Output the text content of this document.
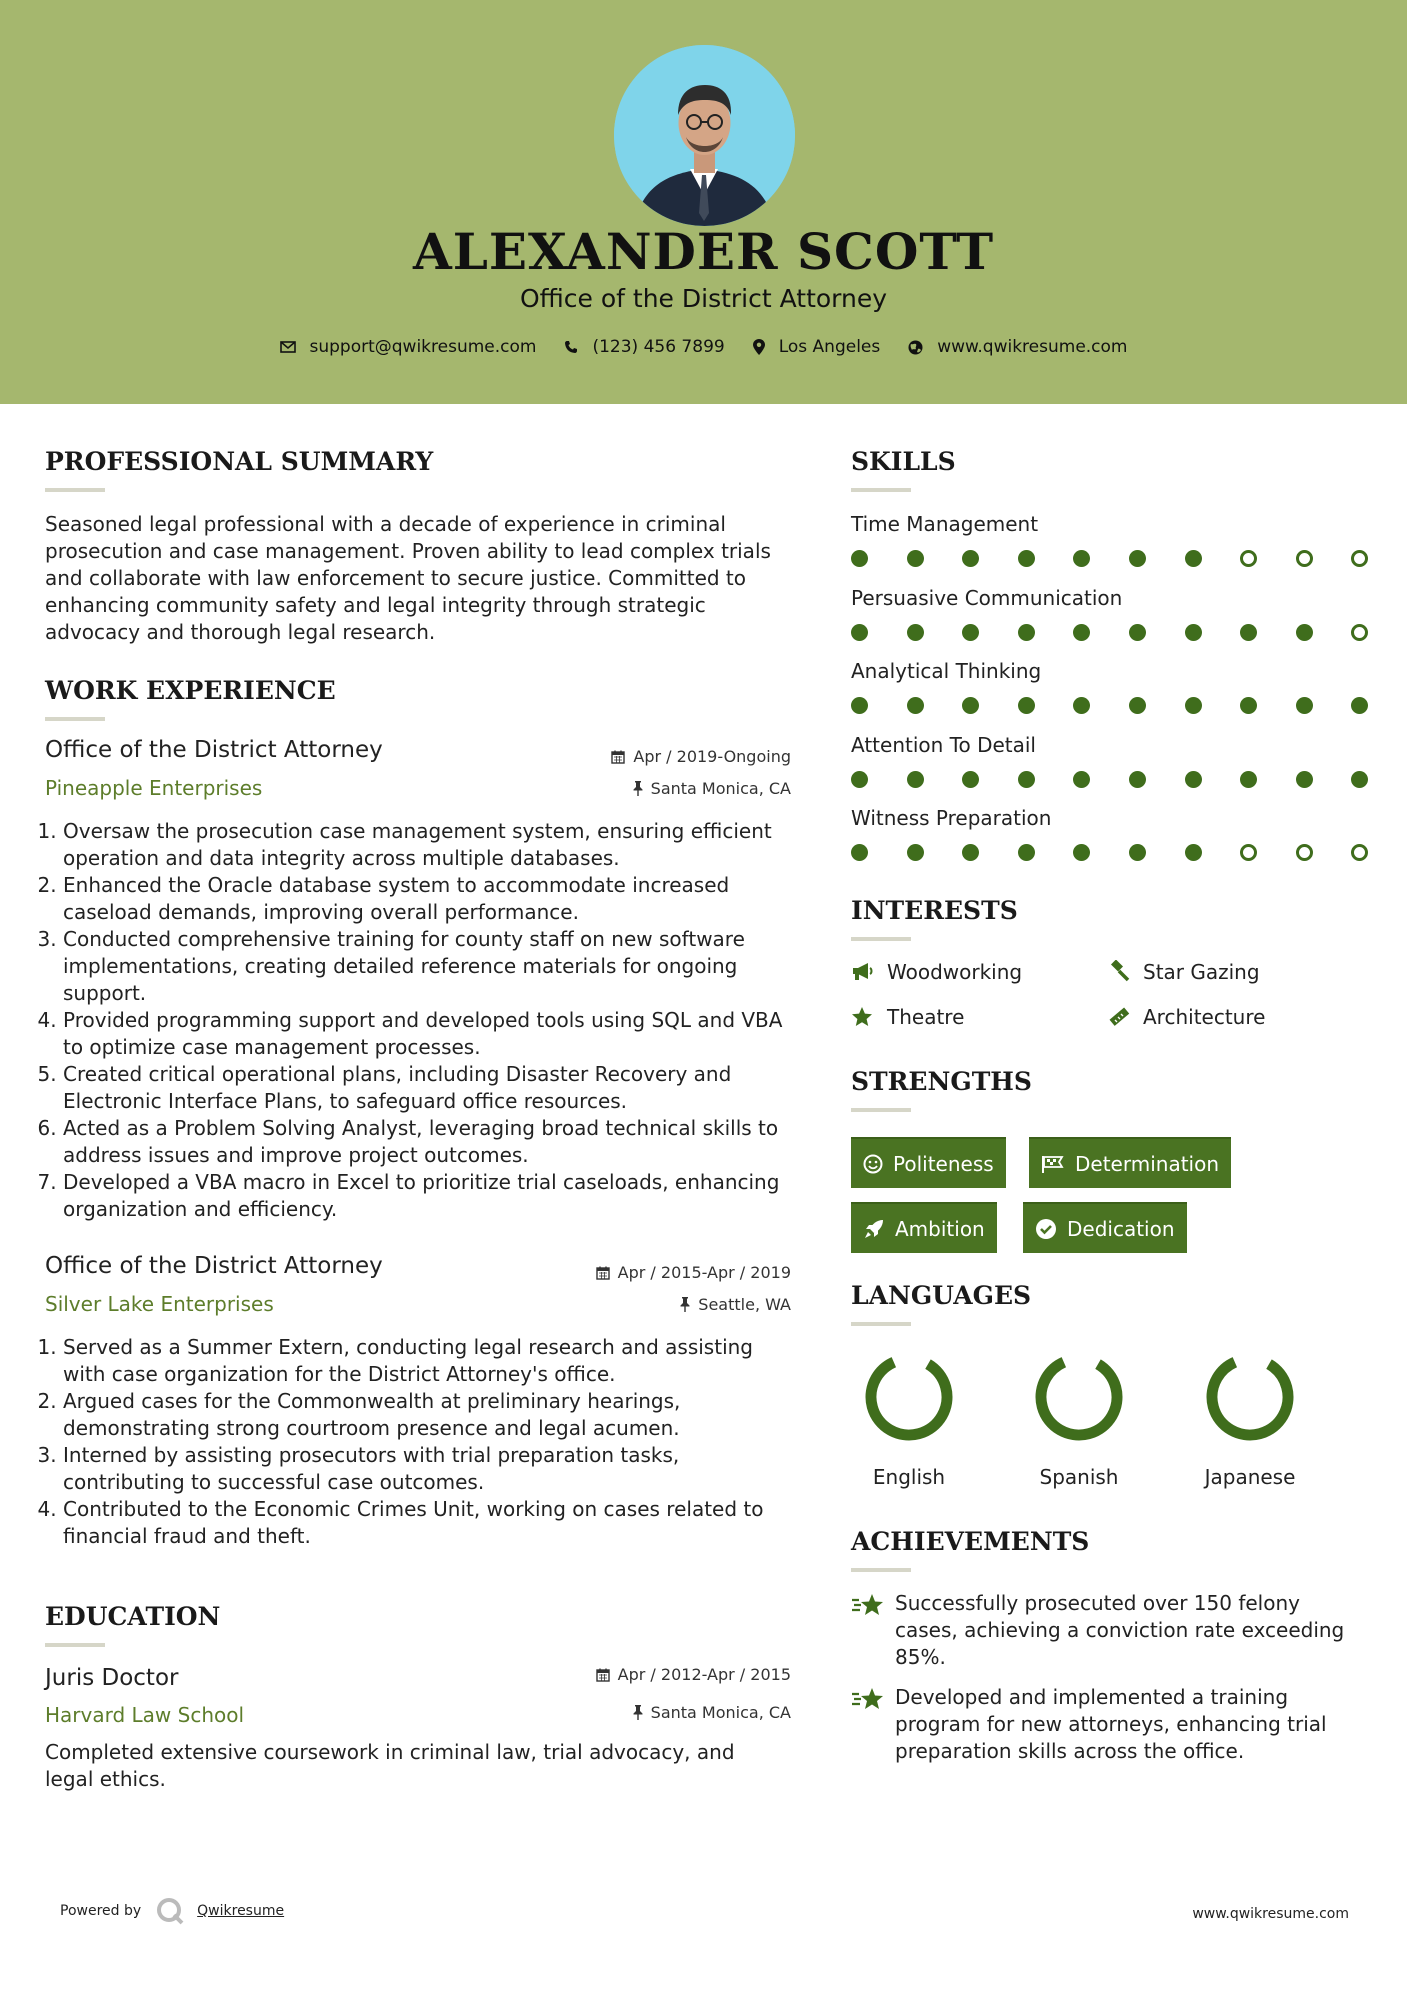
ALEXANDER SCOTT
Office of the District Attorney
support@qwikresume.com	(123) 456 7899	Los Angeles	www.qwikresume.com
PROFESSIONAL SUMMARY
Seasoned legal professional with a decade of experience in criminal prosecution and case management. Proven ability to lead complex trials and collaborate with law enforcement to secure justice. Committed to enhancing community safety and legal integrity through strategic advocacy and thorough legal research.
WORK EXPERIENCE
Office of the District Attorney	Apr / 2019-Ongoing
Pineapple Enterprises	Santa Monica, CA
1. Oversaw the prosecution case management system, ensuring efficient operation and data integrity across multiple databases.
2. Enhanced the Oracle database system to accommodate increased caseload demands, improving overall performance.
3. Conducted comprehensive training for county staff on new software implementations, creating detailed reference materials for ongoing support.
4. Provided programming support and developed tools using SQL and VBA to optimize case management processes.
5. Created critical operational plans, including Disaster Recovery and Electronic Interface Plans, to safeguard office resources.
6. Acted as a Problem Solving Analyst, leveraging broad technical skills to address issues and improve project outcomes.
7. Developed a VBA macro in Excel to prioritize trial caseloads, enhancing organization and efficiency.
Office of the District Attorney	Apr / 2015-Apr / 2019
Silver Lake Enterprises	Seattle, WA
1. Served as a Summer Extern, conducting legal research and assisting with case organization for the District Attorney's office.
2. Argued cases for the Commonwealth at preliminary hearings, demonstrating strong courtroom presence and legal acumen.
3. Interned by assisting prosecutors with trial preparation tasks, contributing to successful case outcomes.
4. Contributed to the Economic Crimes Unit, working on cases related to financial fraud and theft.
EDUCATION
Juris Doctor	Apr / 2012-Apr / 2015
Harvard Law School	Santa Monica, CA
Completed extensive coursework in criminal law, trial advocacy, and legal ethics.
SKILLS
Time Management
Persuasive Communication
Analytical Thinking
Attention To Detail
Witness Preparation
INTERESTS
Woodworking	Star Gazing
Theatre	Architecture
STRENGTHS
Politeness	Determination
Ambition	Dedication
LANGUAGES
English	Spanish	Japanese
ACHIEVEMENTS
Successfully prosecuted over 150 felony cases, achieving a conviction rate exceeding 85%.
Developed and implemented a training program for new attorneys, enhancing trial preparation skills across the office.
Powered by	Qwikresume	www.qwikresume.com
